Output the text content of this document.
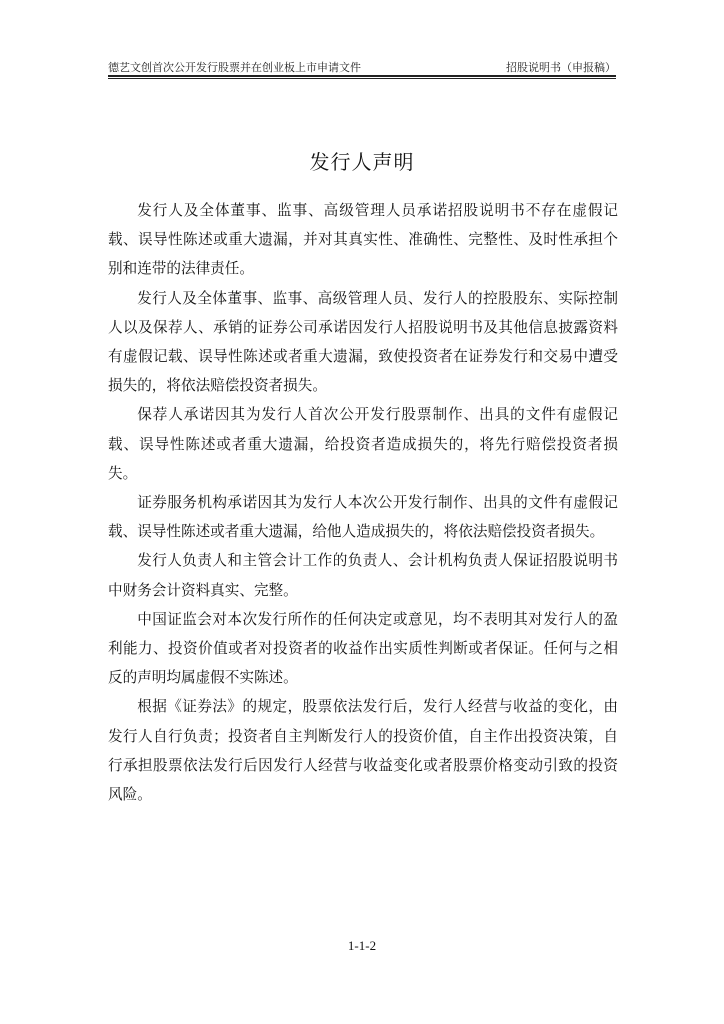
德艺文创首次公开发行股票并在创业板上市申请文件	招股说明书（申报稿）
发行人声明

发行人及全体董事、监事、高级管理人员承诺招股说明书不存在虚假记载、误导性陈述或重大遗漏，并对其真实性、准确性、完整性、及时性承担个别和连带的法律责任。

发行人及全体董事、监事、高级管理人员、发行人的控股股东、实际控制人以及保荐人、承销的证券公司承诺因发行人招股说明书及其他信息披露资料有虚假记载、误导性陈述或者重大遗漏，致使投资者在证券发行和交易中遭受损失的，将依法赔偿投资者损失。

保荐人承诺因其为发行人首次公开发行股票制作、出具的文件有虚假记载、误导性陈述或者重大遗漏，给投资者造成损失的，将先行赔偿投资者损失。

证券服务机构承诺因其为发行人本次公开发行制作、出具的文件有虚假记载、误导性陈述或者重大遗漏，给他人造成损失的，将依法赔偿投资者损失。

发行人负责人和主管会计工作的负责人、会计机构负责人保证招股说明书中财务会计资料真实、完整。

中国证监会对本次发行所作的任何决定或意见，均不表明其对发行人的盈利能力、投资价值或者对投资者的收益作出实质性判断或者保证。任何与之相反的声明均属虚假不实陈述。

根据《证券法》的规定，股票依法发行后，发行人经营与收益的变化，由发行人自行负责；投资者自主判断发行人的投资价值，自主作出投资决策，自行承担股票依法发行后因发行人经营与收益变化或者股票价格变动引致的投资风险。

1-1-2
